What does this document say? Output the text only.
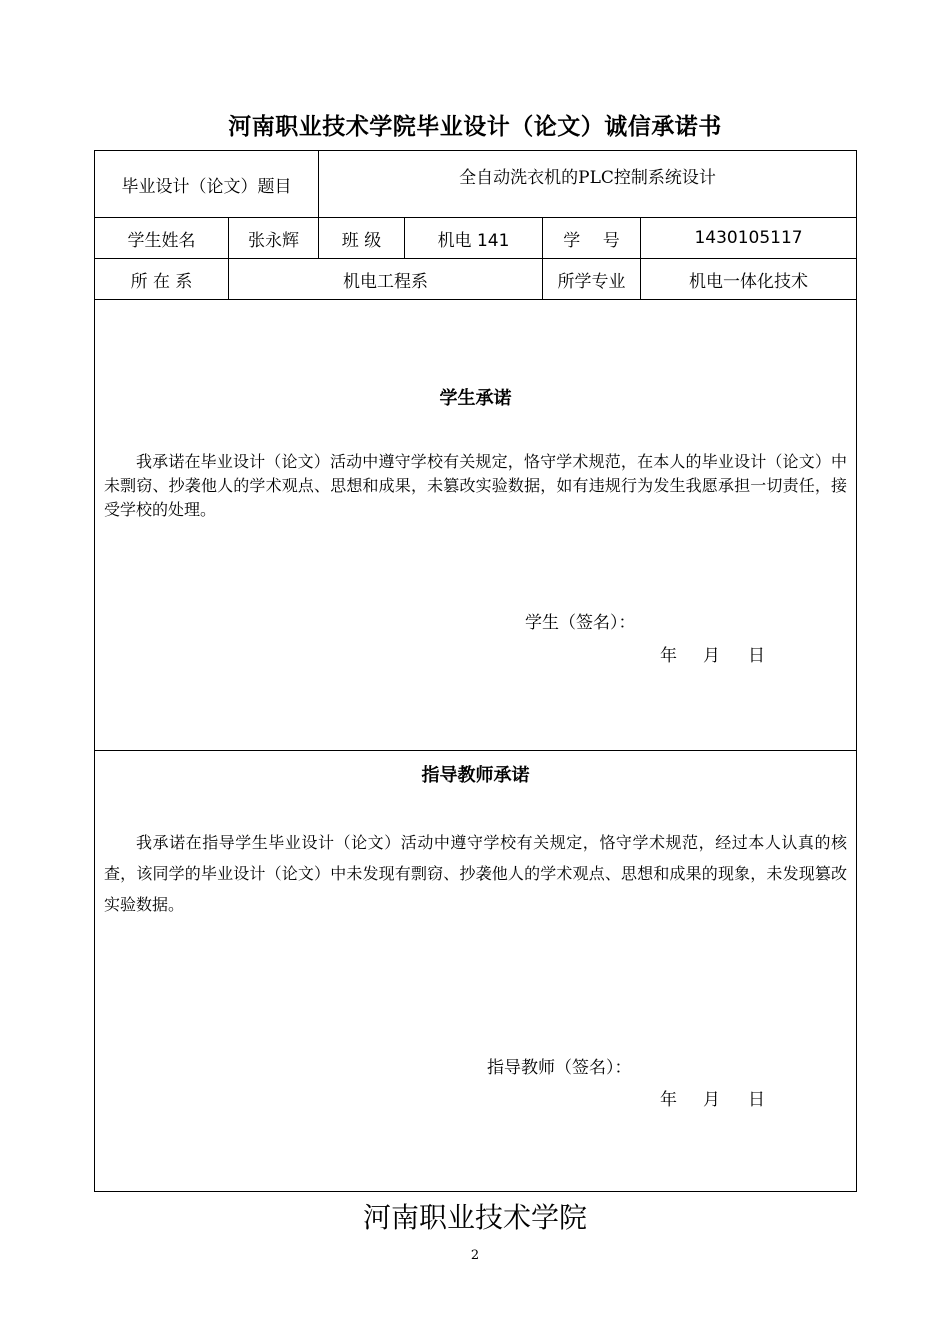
河南职业技术学院毕业设计（论文）诚信承诺书
毕业设计（论文）题目		全自动洗衣机的PLC控制系统设计			
学生姓名	张永辉	班 级	机电 141	学　 号	1430105117
所 在 系	机电工程系			所学专业	机电一体化技术

学生承诺
我承诺在毕业设计（论文）活动中遵守学校有关规定，恪守学术规范，在本人的毕业设计（论文）中未剽窃、抄袭他人的学术观点、思想和成果，未篡改实验数据，如有违规行为发生我愿承担一切责任，接受学校的处理。
学生（签名）：
年 月 日					

指导教师承诺
我承诺在指导学生毕业设计（论文）活动中遵守学校有关规定，恪守学术规范，经过本人认真的核查，该同学的毕业设计（论文）中未发现有剽窃、抄袭他人的学术观点、思想和成果的现象，未发现篡改实验数据。
指导教师（签名）：
年 月 日					
河南职业技术学院
2
